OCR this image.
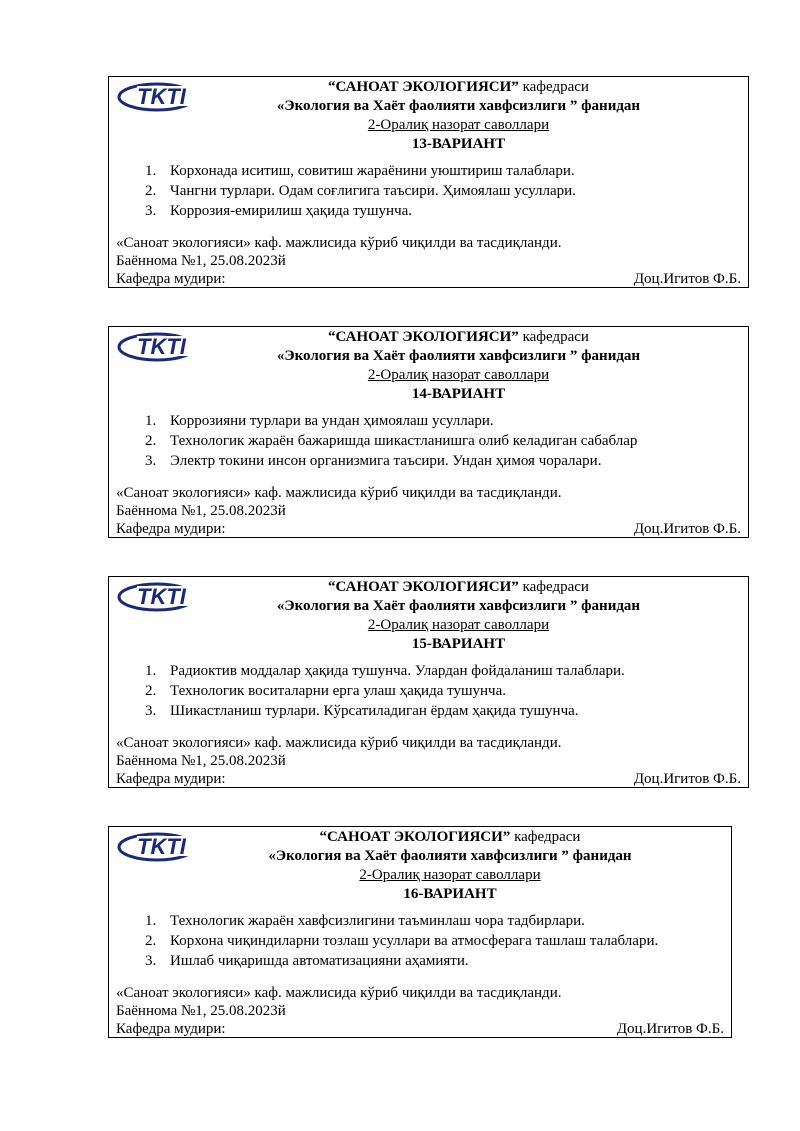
TKTI	“САНОАТ ЭКОЛОГИЯСИ” кафедраси
«Экология ва Хаёт фаолияти хавфсизлиги ” фанидан
2-Оралиқ назорат саволлари
13-ВАРИАНТ
1. Корхонада иситиш, совитиш жараёнини уюштириш талаблари.
2. Чангни турлари. Одам соғлигига таъсири. Ҳимоялаш усуллари.
3. Коррозия-емирилиш ҳақида тушунча.
«Саноат экологияси» каф. мажлисида кўриб чиқилди ва тасдиқланди.
Баённома №1, 25.08.2023й
Кафедра мудири:	Доц.Игитов Ф.Б.
TKTI	“САНОАТ ЭКОЛОГИЯСИ” кафедраси
«Экология ва Хаёт фаолияти хавфсизлиги ” фанидан
2-Оралиқ назорат саволлари
14-ВАРИАНТ
1. Коррозияни турлари ва ундан ҳимоялаш усуллари.
2. Технологик жараён бажаришда шикастланишга олиб келадиган сабаблар
3. Электр токини инсон организмига таъсири. Ундан ҳимоя чоралари.
«Саноат экологияси» каф. мажлисида кўриб чиқилди ва тасдиқланди.
Баённома №1, 25.08.2023й
Кафедра мудири:	Доц.Игитов Ф.Б.
TKTI	“САНОАТ ЭКОЛОГИЯСИ” кафедраси
«Экология ва Хаёт фаолияти хавфсизлиги ” фанидан
2-Оралиқ назорат саволлари
15-ВАРИАНТ
1. Радиоктив моддалар ҳақида тушунча. Улардан фойдаланиш талаблари.
2. Технологик воситаларни ерга улаш ҳақида тушунча.
3. Шикастланиш турлари. Кўрсатиладиган ёрдам ҳақида тушунча.
«Саноат экологияси» каф. мажлисида кўриб чиқилди ва тасдиқланди.
Баённома №1, 25.08.2023й
Кафедра мудири:	Доц.Игитов Ф.Б.
TKTI	“САНОАТ ЭКОЛОГИЯСИ” кафедраси
«Экология ва Хаёт фаолияти хавфсизлиги ” фанидан
2-Оралиқ назорат саволлари
16-ВАРИАНТ
1. Технологик жараён хавфсизлигини таъминлаш чора тадбирлари.
2. Корхона чиқиндиларни тозлаш усуллари ва атмосферага ташлаш талаблари.
3. Ишлаб чиқаришда автоматизацияни аҳамияти.
«Саноат экологияси» каф. мажлисида кўриб чиқилди ва тасдиқланди.
Баённома №1, 25.08.2023й
Кафедра мудири:	Доц.Игитов Ф.Б.
